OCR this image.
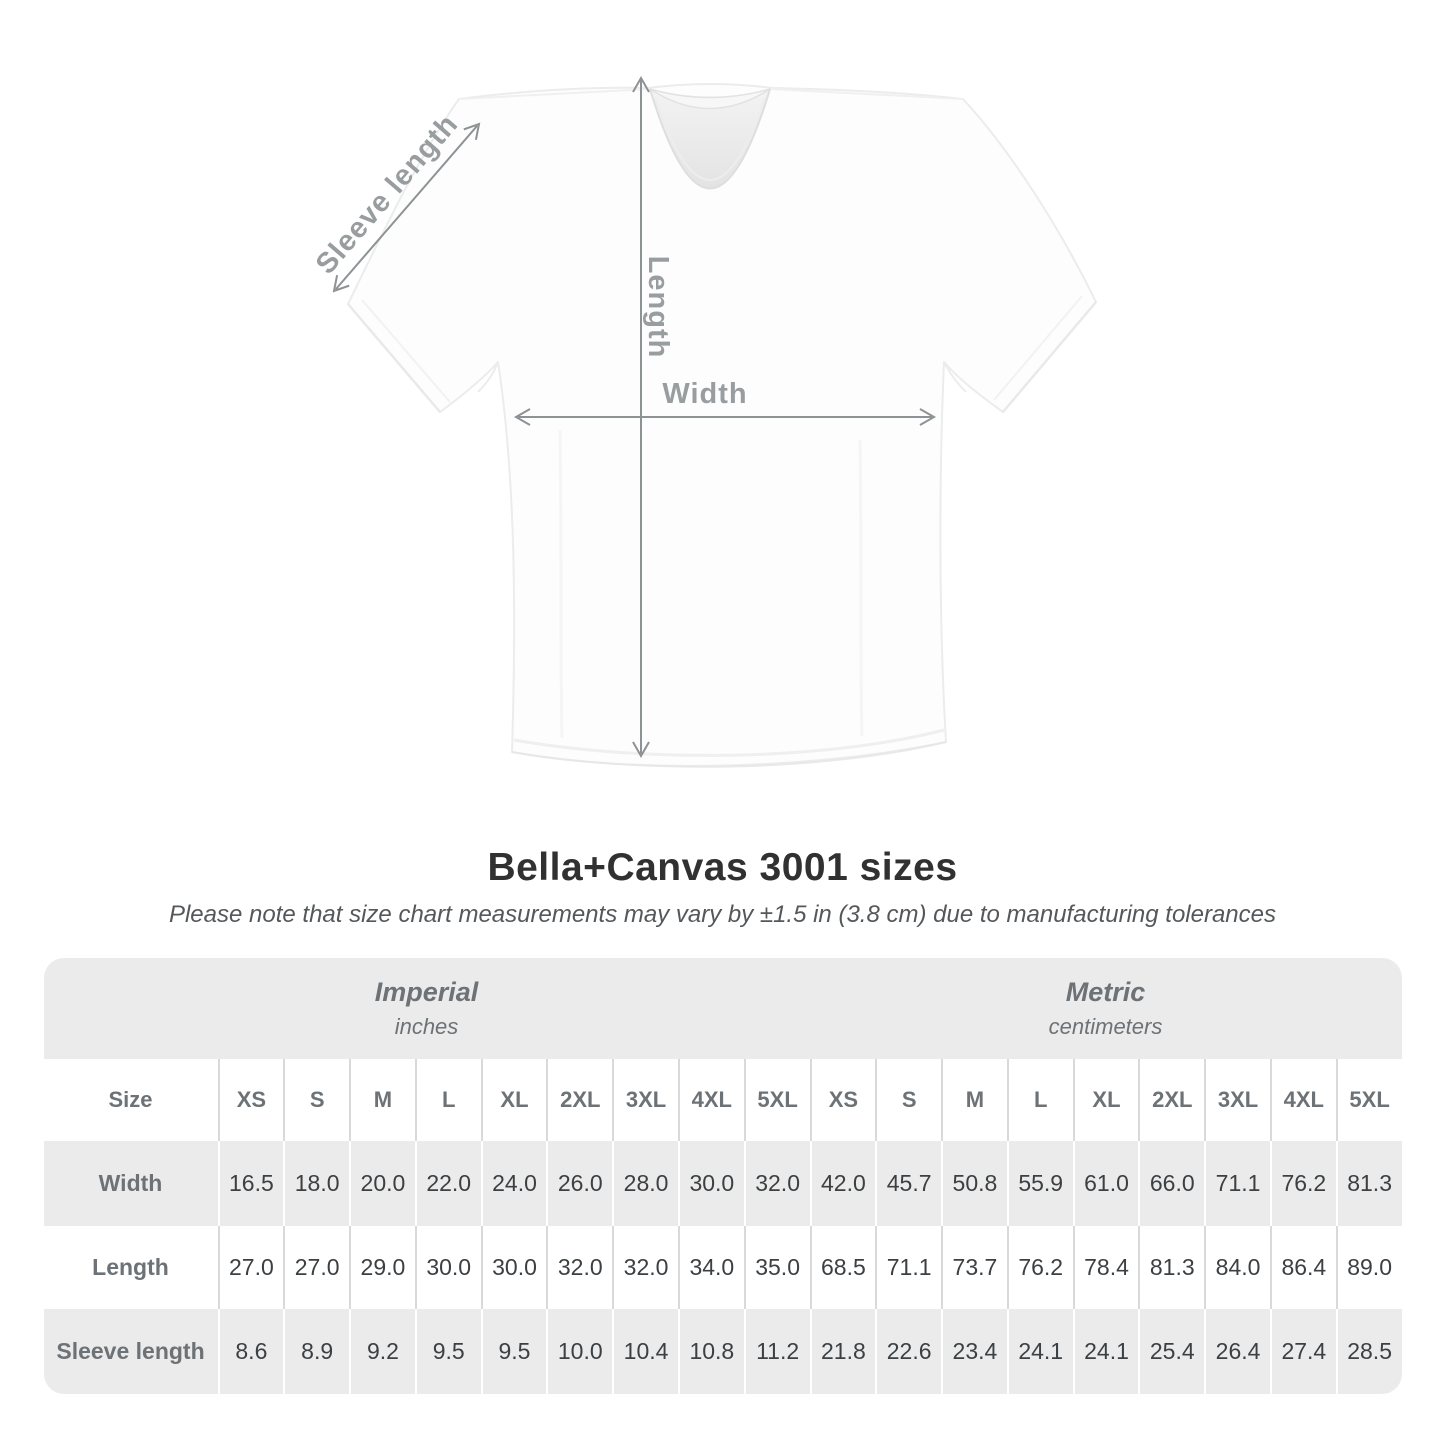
Width
Length
Sleeve length
Bella+Canvas 3001 sizes

Please note that size chart measurements may vary by ±1.5 in (3.8 cm) due to manufacturing tolerances

Imperial
inches
Metric
centimeters
Size	XS	S	M	L	XL	2XL	3XL	4XL	5XL	XS	S	M	L	XL	2XL	3XL	4XL	5XL
Width	16.5 18.0 20.0 22.0 24.0 26.0 28.0 30.0 32.0 42.0 45.7 50.8 55.9 61.0 66.0 71.1 76.2 81.3
Length	27.0 27.0 29.0 30.0 30.0 32.0 32.0 34.0 35.0 68.5 71.1 73.7 76.2 78.4 81.3 84.0 86.4 89.0
Sleeve length	8.6	8.9	9.2	9.5	9.5	10.0 10.4 10.8 11.2 21.8 22.6 23.4 24.1 24.1 25.4 26.4 27.4 28.5
